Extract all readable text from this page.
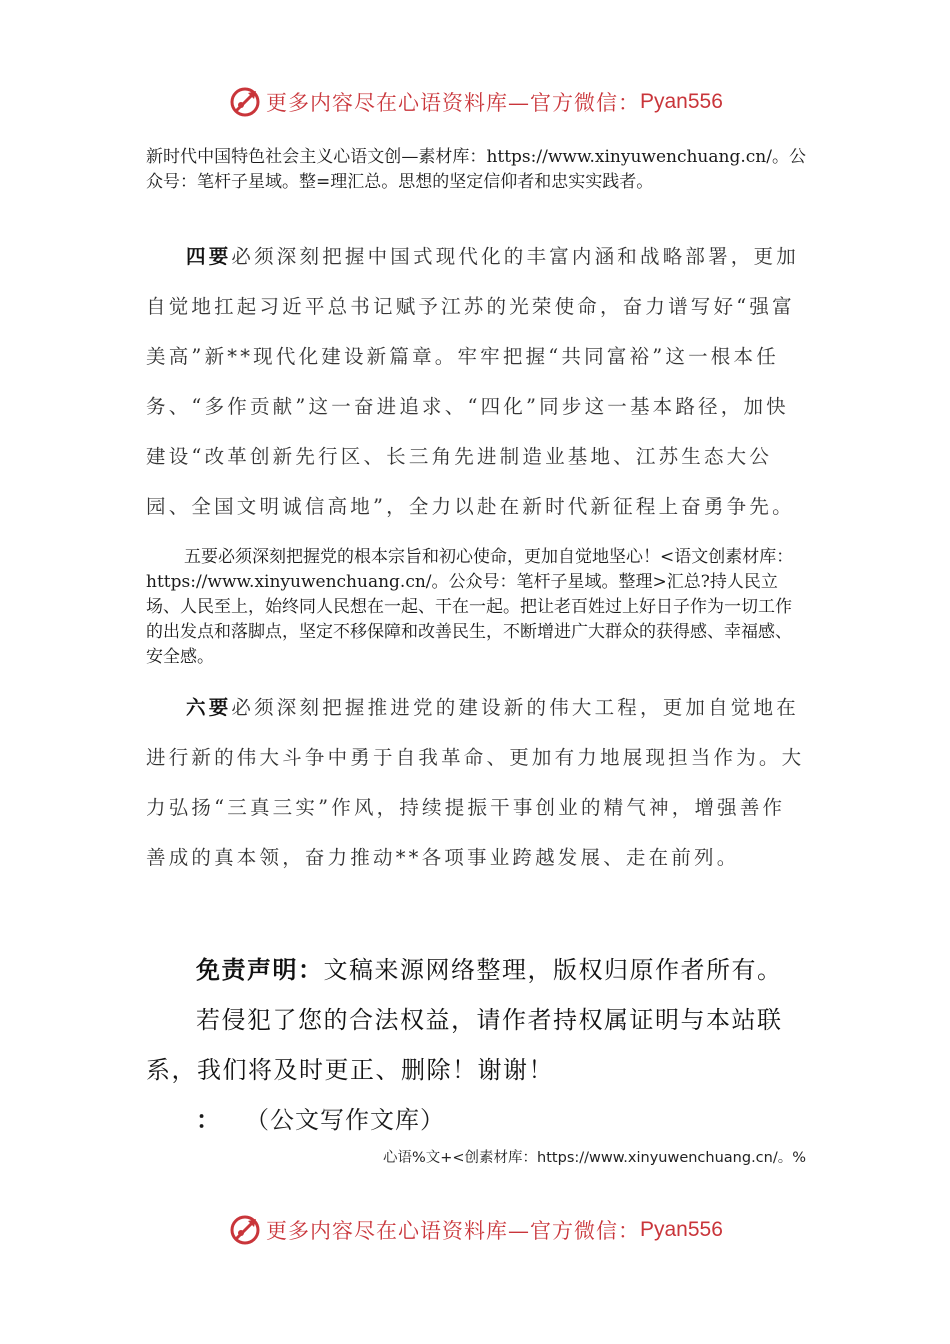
更多内容尽在心语资料库—官方微信： Pyan556

新时代中国特色社会主义心语文创—素材库：https://www.xinyuwenchuang.cn/。公众号：笔杆子星域。整=理汇总。思想的坚定信仰者和忠实实践者。

四要必须深刻把握中国式现代化的丰富内涵和战略部署，更加自觉地扛起习近平总书记赋予江苏的光荣使命，奋力谱写好“强富美高”新**现代化建设新篇章。牢牢把握“共同富裕”这一根本任务、“多作贡献”这一奋进追求、“四化”同步这一基本路径，加快建设“改革创新先行区、长三角先进制造业基地、江苏生态大公园、全国文明诚信高地”，全力以赴在新时代新征程上奋勇争先。

五要必须深刻把握党的根本宗旨和初心使命，更加自觉地坚心！<语文创素材库：https://www.xinyuwenchuang.cn/。公众号：笔杆子星域。整理>汇总?持人民立场、人民至上，始终同人民想在一起、干在一起。把让老百姓过上好日子作为一切工作的出发点和落脚点，坚定不移保障和改善民生，不断增进广大群众的获得感、幸福感、安全感。

六要必须深刻把握推进党的建设新的伟大工程，更加自觉地在进行新的伟大斗争中勇于自我革命、更加有力地展现担当作为。大力弘扬“三真三实”作风，持续提振干事创业的精气神，增强善作善成的真本领，奋力推动**各项事业跨越发展、走在前列。

免责声明：文稿来源网络整理，版权归原作者所有。
若侵犯了您的合法权益，请作者持权属证明与本站联系，我们将及时更正、删除！谢谢！
： （公文写作文库）
心语%文+<创素材库：https://www.xinyuwenchuang.cn/。%
更多内容尽在心语资料库—官方微信： Pyan556
